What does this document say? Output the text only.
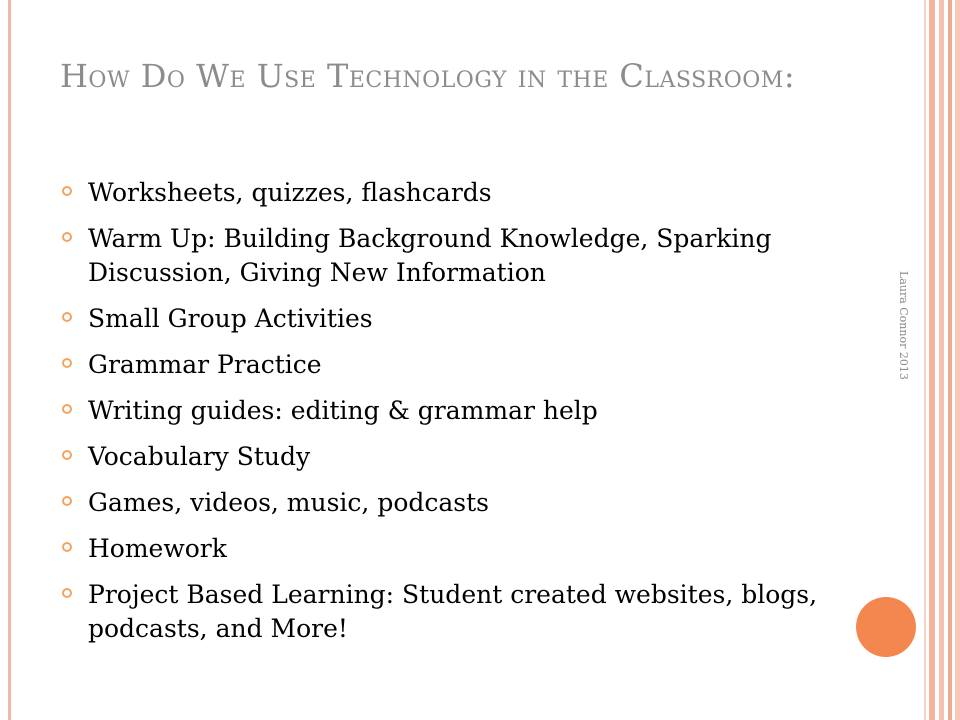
How Do We Use Technology in the Classroom:
Worksheets, quizzes, flashcards
Warm Up: Building Background Knowledge, Sparking Discussion, Giving New Information
Small Group Activities
Grammar Practice
Writing guides: editing & grammar help
Vocabulary Study
Games, videos, music, podcasts
Homework
Project Based Learning: Student created websites, blogs, podcasts, and More!
Laura Connor 2013
